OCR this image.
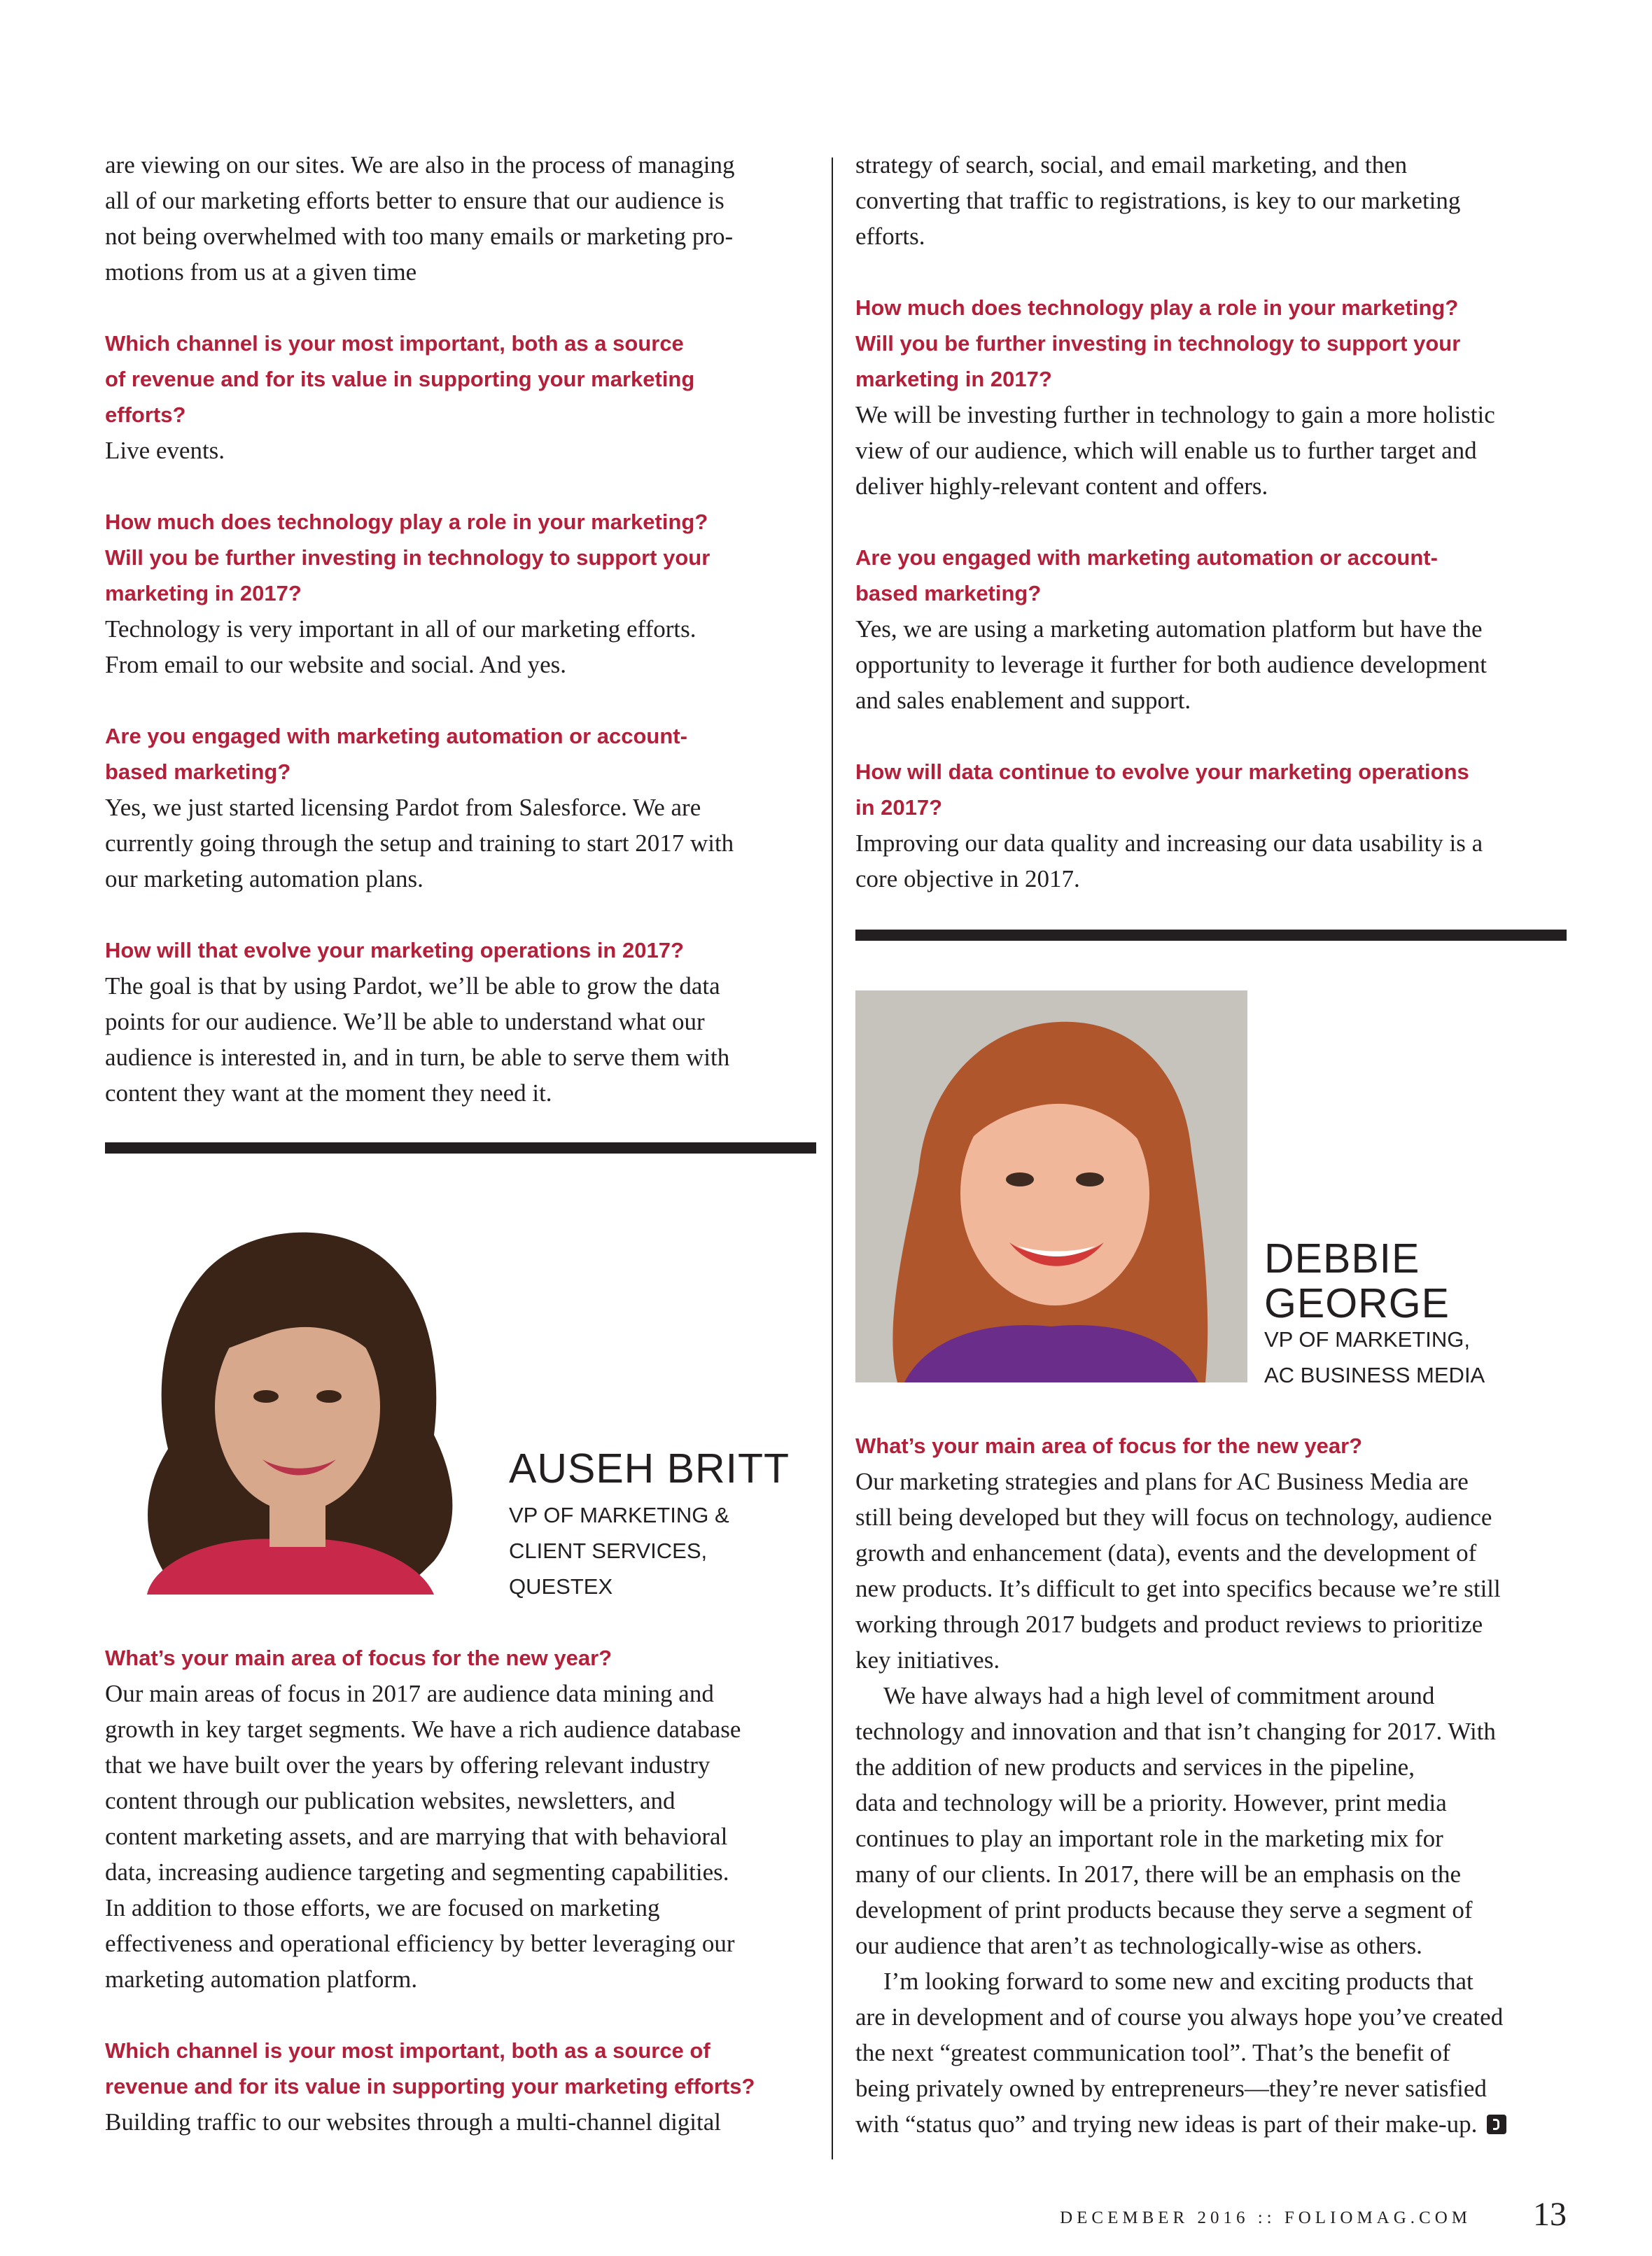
are viewing on our sites. We are also in the process of managing

all of our marketing efforts better to ensure that our audience is

not being overwhelmed with too many emails or marketing pro-

motions from us at a given time

Which channel is your most important, both as a source

of revenue and for its value in supporting your marketing

efforts?

Live events.

How much does technology play a role in your marketing?

Will you be further investing in technology to support your

marketing in 2017?

Technology is very important in all of our marketing efforts.

From email to our website and social. And yes.

Are you engaged with marketing automation or account-

based marketing?

Yes, we just started licensing Pardot from Salesforce. We are

currently going through the setup and training to start 2017 with

our marketing automation plans.

How will that evolve your marketing operations in 2017?

The goal is that by using Pardot, we’ll be able to grow the data

points for our audience. We’ll be able to understand what our

audience is interested in, and in turn, be able to serve them with

content they want at the moment they need it.

AUSEH BRITT
VP OF MARKETING &
CLIENT SERVICES,
QUESTEX

What’s your main area of focus for the new year?

Our main areas of focus in 2017 are audience data mining and

growth in key target segments. We have a rich audience database

that we have built over the years by offering relevant industry

content through our publication websites, newsletters, and

content marketing assets, and are marrying that with behavioral

data, increasing audience targeting and segmenting capabilities.

In addition to those efforts, we are focused on marketing

effectiveness and operational efficiency by better leveraging our

marketing automation platform.

Which channel is your most important, both as a source of

revenue and for its value in supporting your marketing efforts?

Building traffic to our websites through a multi-channel digital

strategy of search, social, and email marketing, and then

converting that traffic to registrations, is key to our marketing

efforts.

How much does technology play a role in your marketing?

Will you be further investing in technology to support your

marketing in 2017?

We will be investing further in technology to gain a more holistic

view of our audience, which will enable us to further target and

deliver highly-relevant content and offers.

Are you engaged with marketing automation or account-

based marketing?

Yes, we are using a marketing automation platform but have the

opportunity to leverage it further for both audience development

and sales enablement and support.

How will data continue to evolve your marketing operations

in 2017?

Improving our data quality and increasing our data usability is a

core objective in 2017.

DEBBIE
GEORGE
VP OF MARKETING,
AC BUSINESS MEDIA

What’s your main area of focus for the new year?

Our marketing strategies and plans for AC Business Media are

still being developed but they will focus on technology, audience

growth and enhancement (data), events and the development of

new products. It’s difficult to get into specifics because we’re still

working through 2017 budgets and product reviews to prioritize

key initiatives.

We have always had a high level of commitment around

technology and innovation and that isn’t changing for 2017. With

the addition of new products and services in the pipeline,

data and technology will be a priority. However, print media

continues to play an important role in the marketing mix for

many of our clients. In 2017, there will be an emphasis on the

development of print products because they serve a segment of

our audience that aren’t as technologically-wise as others.

I’m looking forward to some new and exciting products that

are in development and of course you always hope you’ve created

the next “greatest communication tool”. That’s the benefit of

being privately owned by entrepreneurs—they’re never satisfied

with “status quo” and trying new ideas is part of their make-up.

DECEMBER 2016 :: FOLIOMAG.COM 13
